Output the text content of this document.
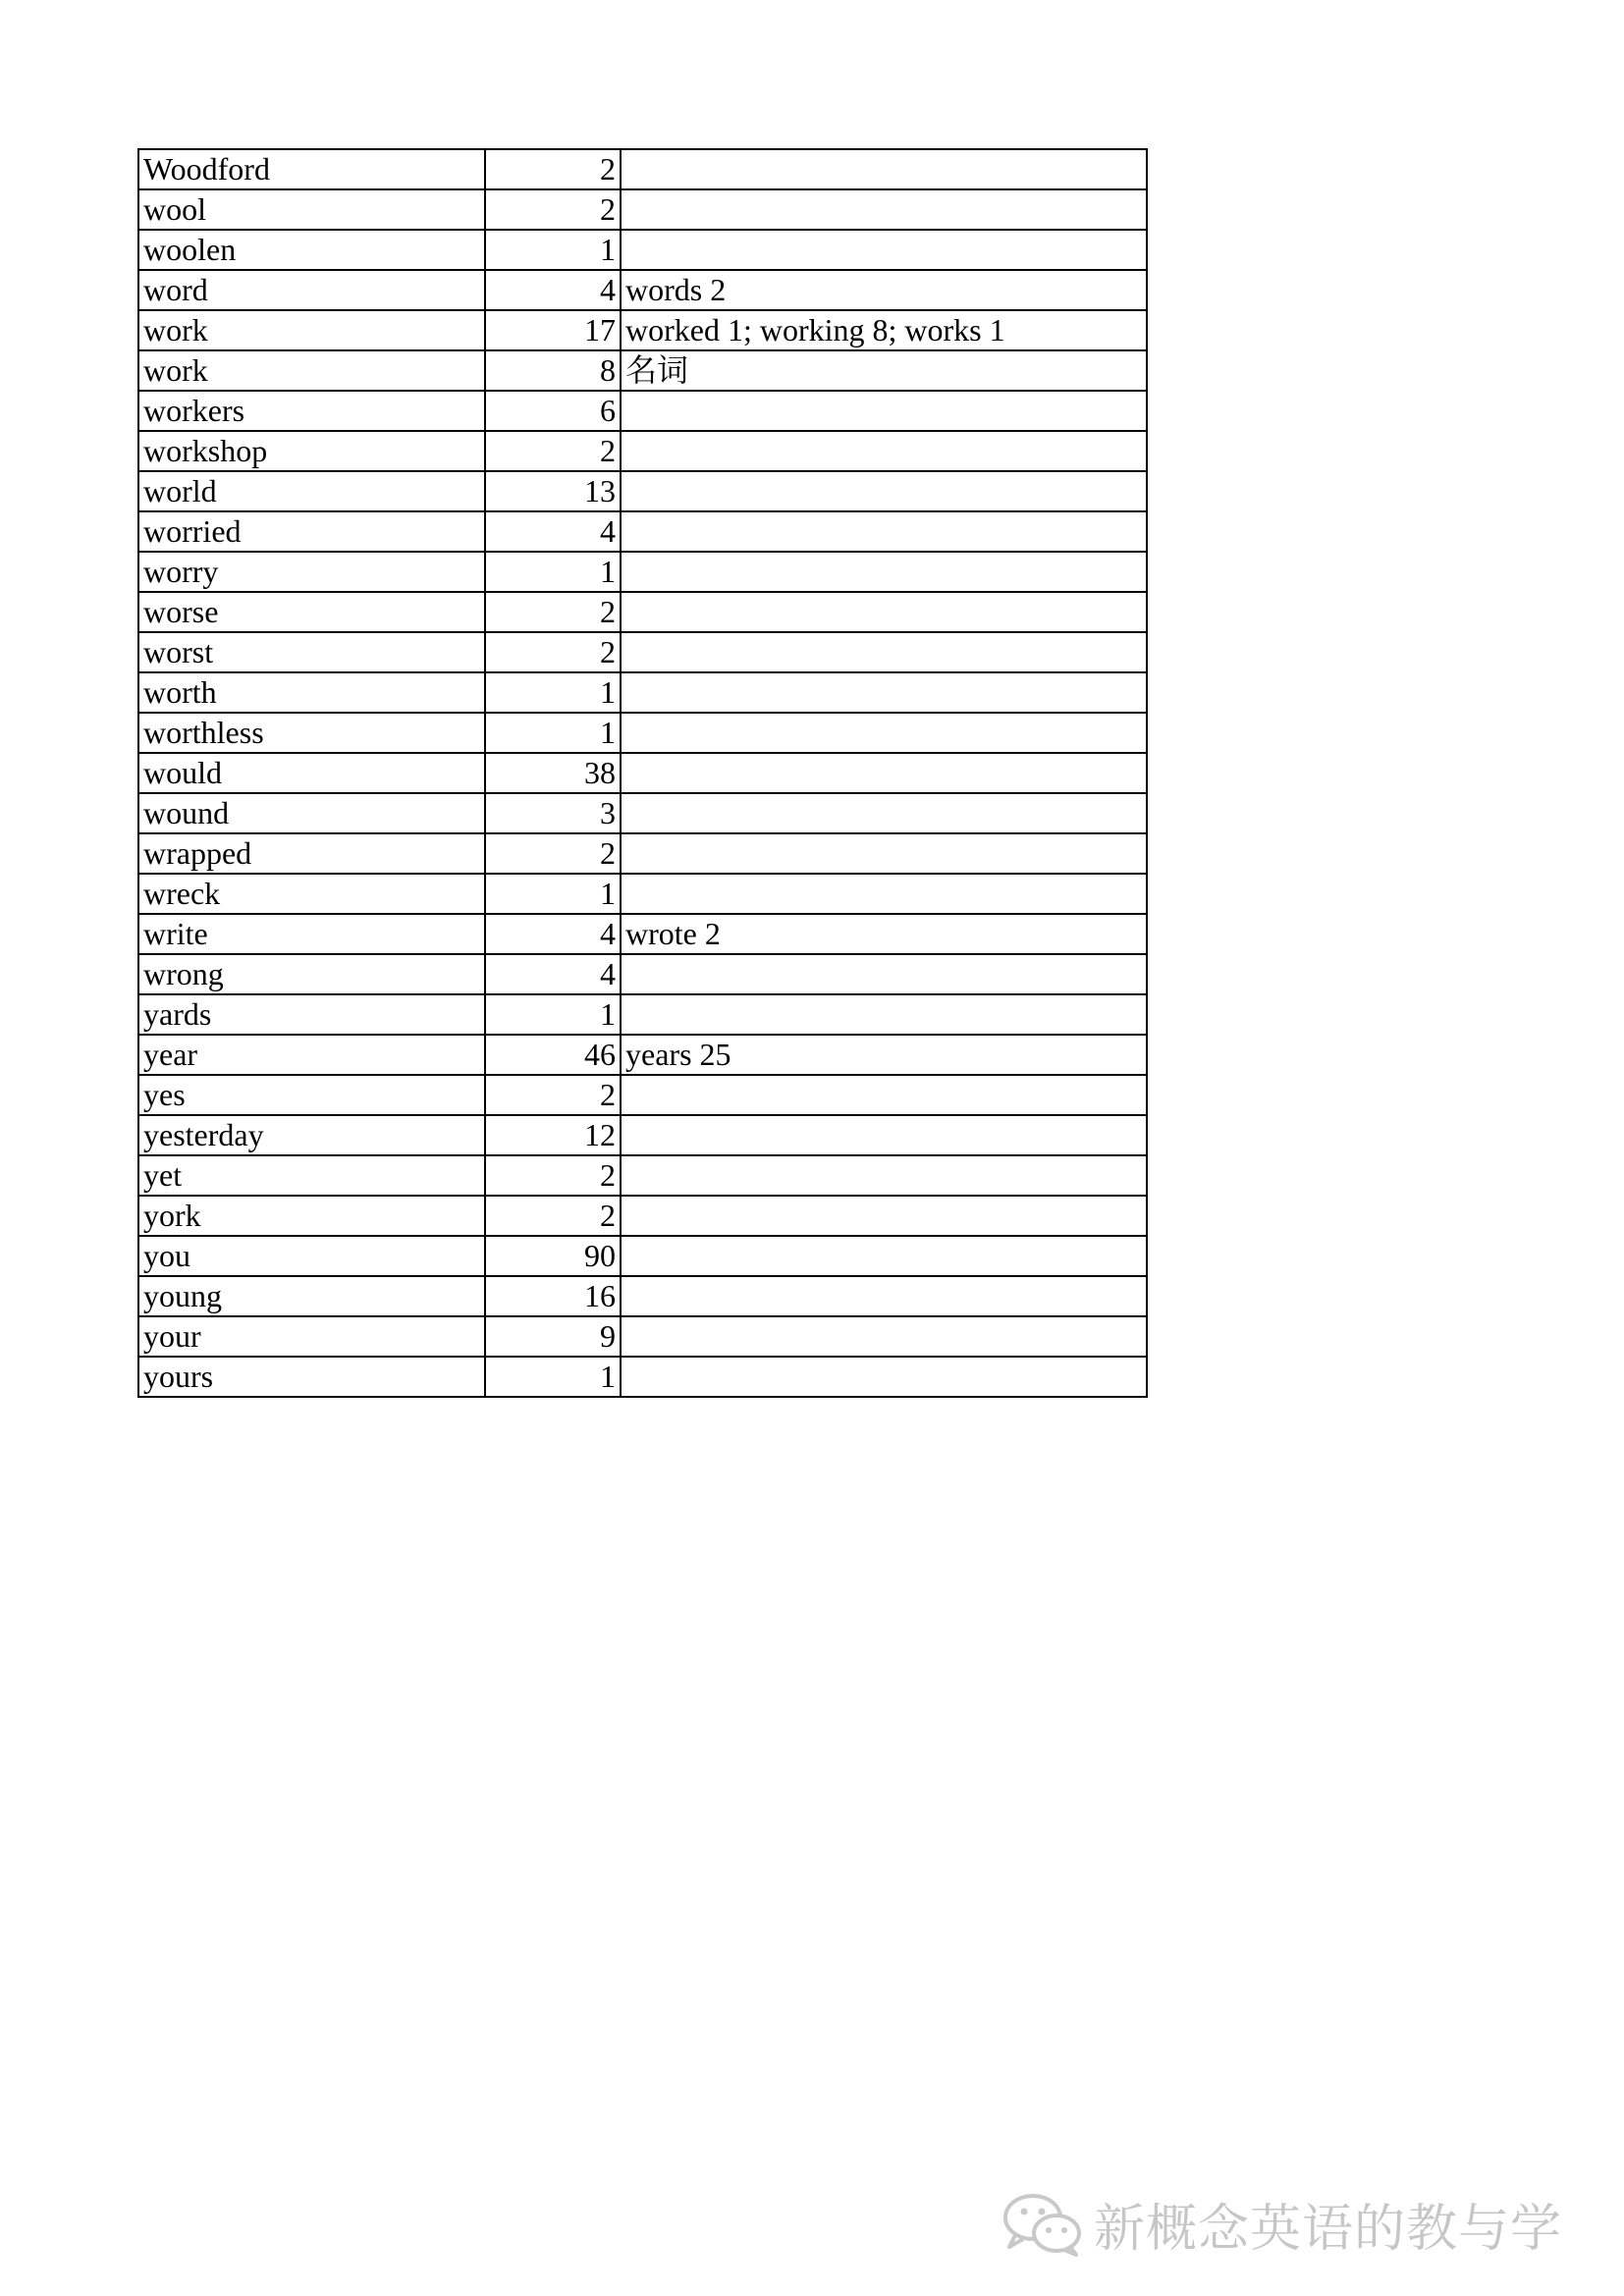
Woodford	2	
wool	2	
woolen	1	
word	4	words 2
work	17	worked 1; working 8; works 1
work	8	名词
workers	6	
workshop	2	
world	13	
worried	4	
worry	1	
worse	2	
worst	2	
worth	1	
worthless	1	
would	38	
wound	3	
wrapped	2	
wreck	1	
write	4	wrote 2
wrong	4	
yards	1	
year	46	years 25
yes	2	
yesterday	12	
yet	2	
york	2	
you	90	
young	16	
your	9	
yours	1	
新概念英语的教与学
